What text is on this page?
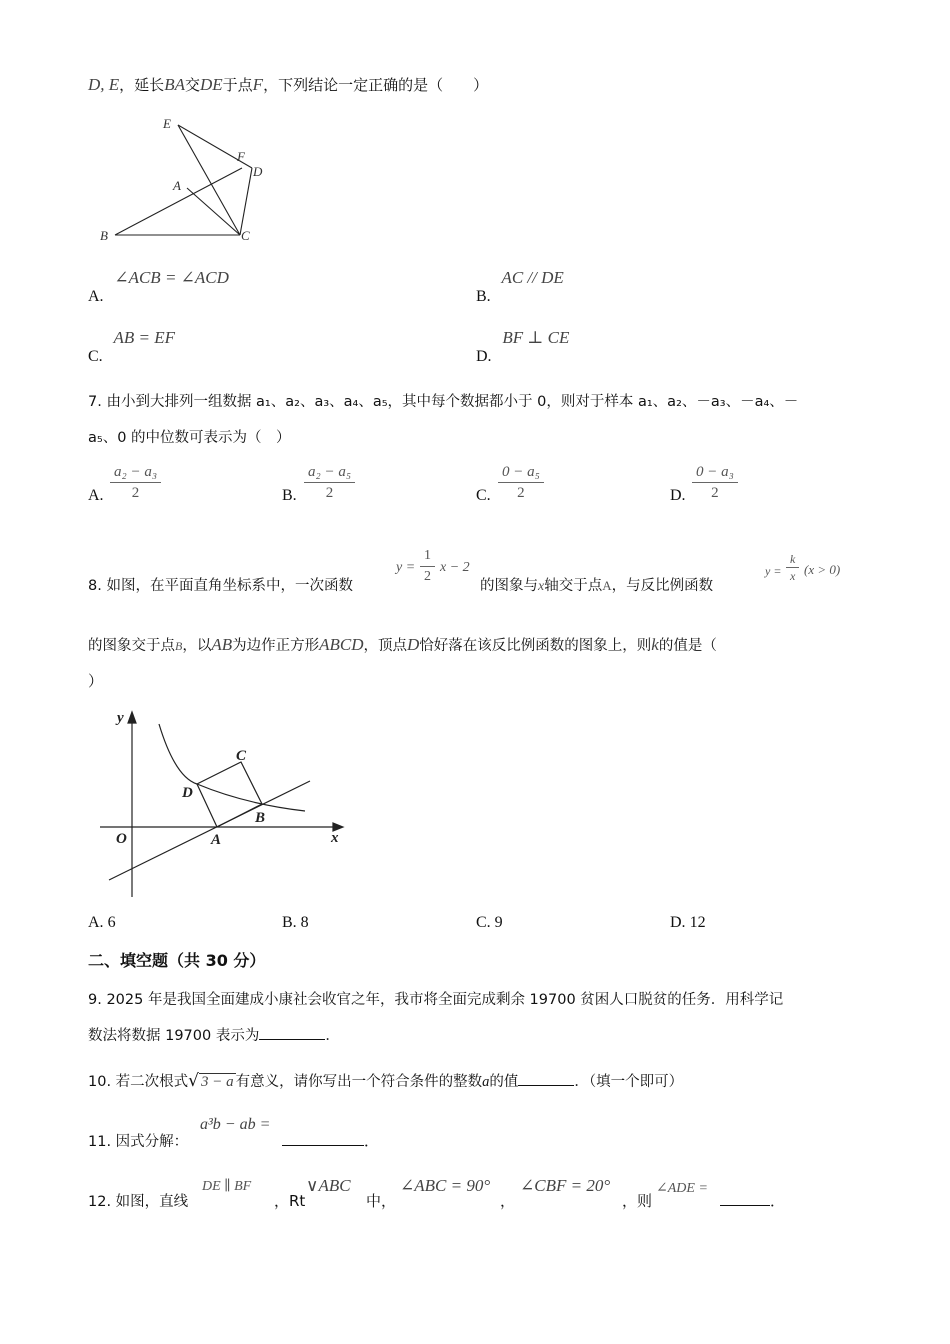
D, E，延长BA交DE于点F，下列结论一定正确的是（　　）
E
F
D
A
B	C
A. ∠ACB = ∠ACD
B. AC // DE
C. AB = EF
D. BF ⊥ CE
7. 由小到大排列一组数据 a₁、a₂、a₃、a₄、a₅，其中每个数据都小于 0，则对于样本 a₁、a₂、－a₃、－a₄、－
a₅、0 的中位数可表示为（　）
A. $\frac{\text{a₂ − a₃}}{2}$	B. $\frac{\text{a₂ − a₅}}{2}$	C. $\frac{\text{0 − a₅}}{2}$	D. $\frac{\text{0 − a₃}}{2}$
8. 如图，在平面直角坐标系中，一次函数
$y = \frac{1}{2}$ x − 2
的图象与x轴交于点A，与反比例函数
$y = \frac{k}{x} (x > 0)$
的图象交于点B，以AB为边作正方形ABCD，顶点D恰好落在该反比例函数的图象上，则k的值是（
）
y
x
O	A
B
C
D
A. 6	B. 8	C. 9	D. 12
二、填空题（共 30 分）
9. 2025 年是我国全面建成小康社会收官之年，我市将全面完成剩余 19700 贫困人口脱贫的任务．用科学记
数法将数据 19700 表示为	．
10. 若二次根式√ 3 − a 有意义，请你写出一个符合条件的整数a的值	．（填一个即可）
11. 因式分解：
a³b − ab =
．
12. 如图，直线
DE ∥ BF
，Rt
∨ABC
中，
∠ABC = 90°
，
∠CBF = 20°
，则
∠ADE =
．
